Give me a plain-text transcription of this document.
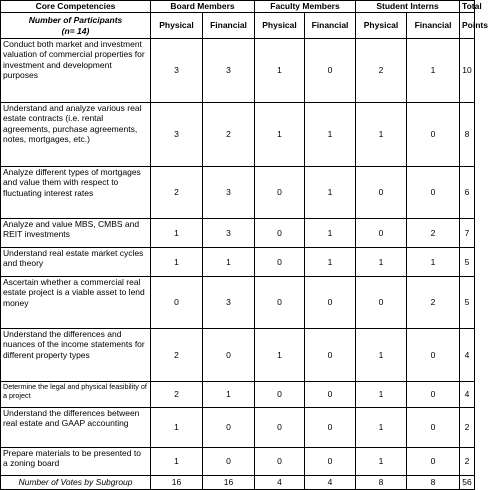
Core Competencies	Board Members		Faculty Members		Student Interns		Total

Number of Participants
(n= 14)	Physical	Financial	Physical	Financial	Physical	Financial	Points
Conduct both market and investment valuation of commercial properties for investment and development purposes	3	3	1	0	2	1	10
Understand and analyze various real estate contracts (i.e. rental agreements, purchase agreements, notes, mortgages, etc.)	3	2	1	1	1	0	8
Analyze different types of mortgages and value them with respect to fluctuating interest rates	2	3	0	1	0	0	6
Analyze and value MBS, CMBS and REIT investments	1	3	0	1	0	2	7
Understand real estate market cycles and theory	1	1	0	1	1	1	5
Ascertain whether a commercial real estate project is a viable asset to lend money	0	3	0	0	0	2	5
Understand the differences and nuances of the income statements for different property types	2	0	1	0	1	0	4
Determine the legal and physical feasibility of a project	2	1	0	0	1	0	4
Understand the differences between real estate and GAAP accounting	1	0	0	0	1	0	2
Prepare materials to be presented to a zoning board	1	0	0	0	1	0	2
Number of Votes by Subgroup	16	16	4	4	8	8	56
